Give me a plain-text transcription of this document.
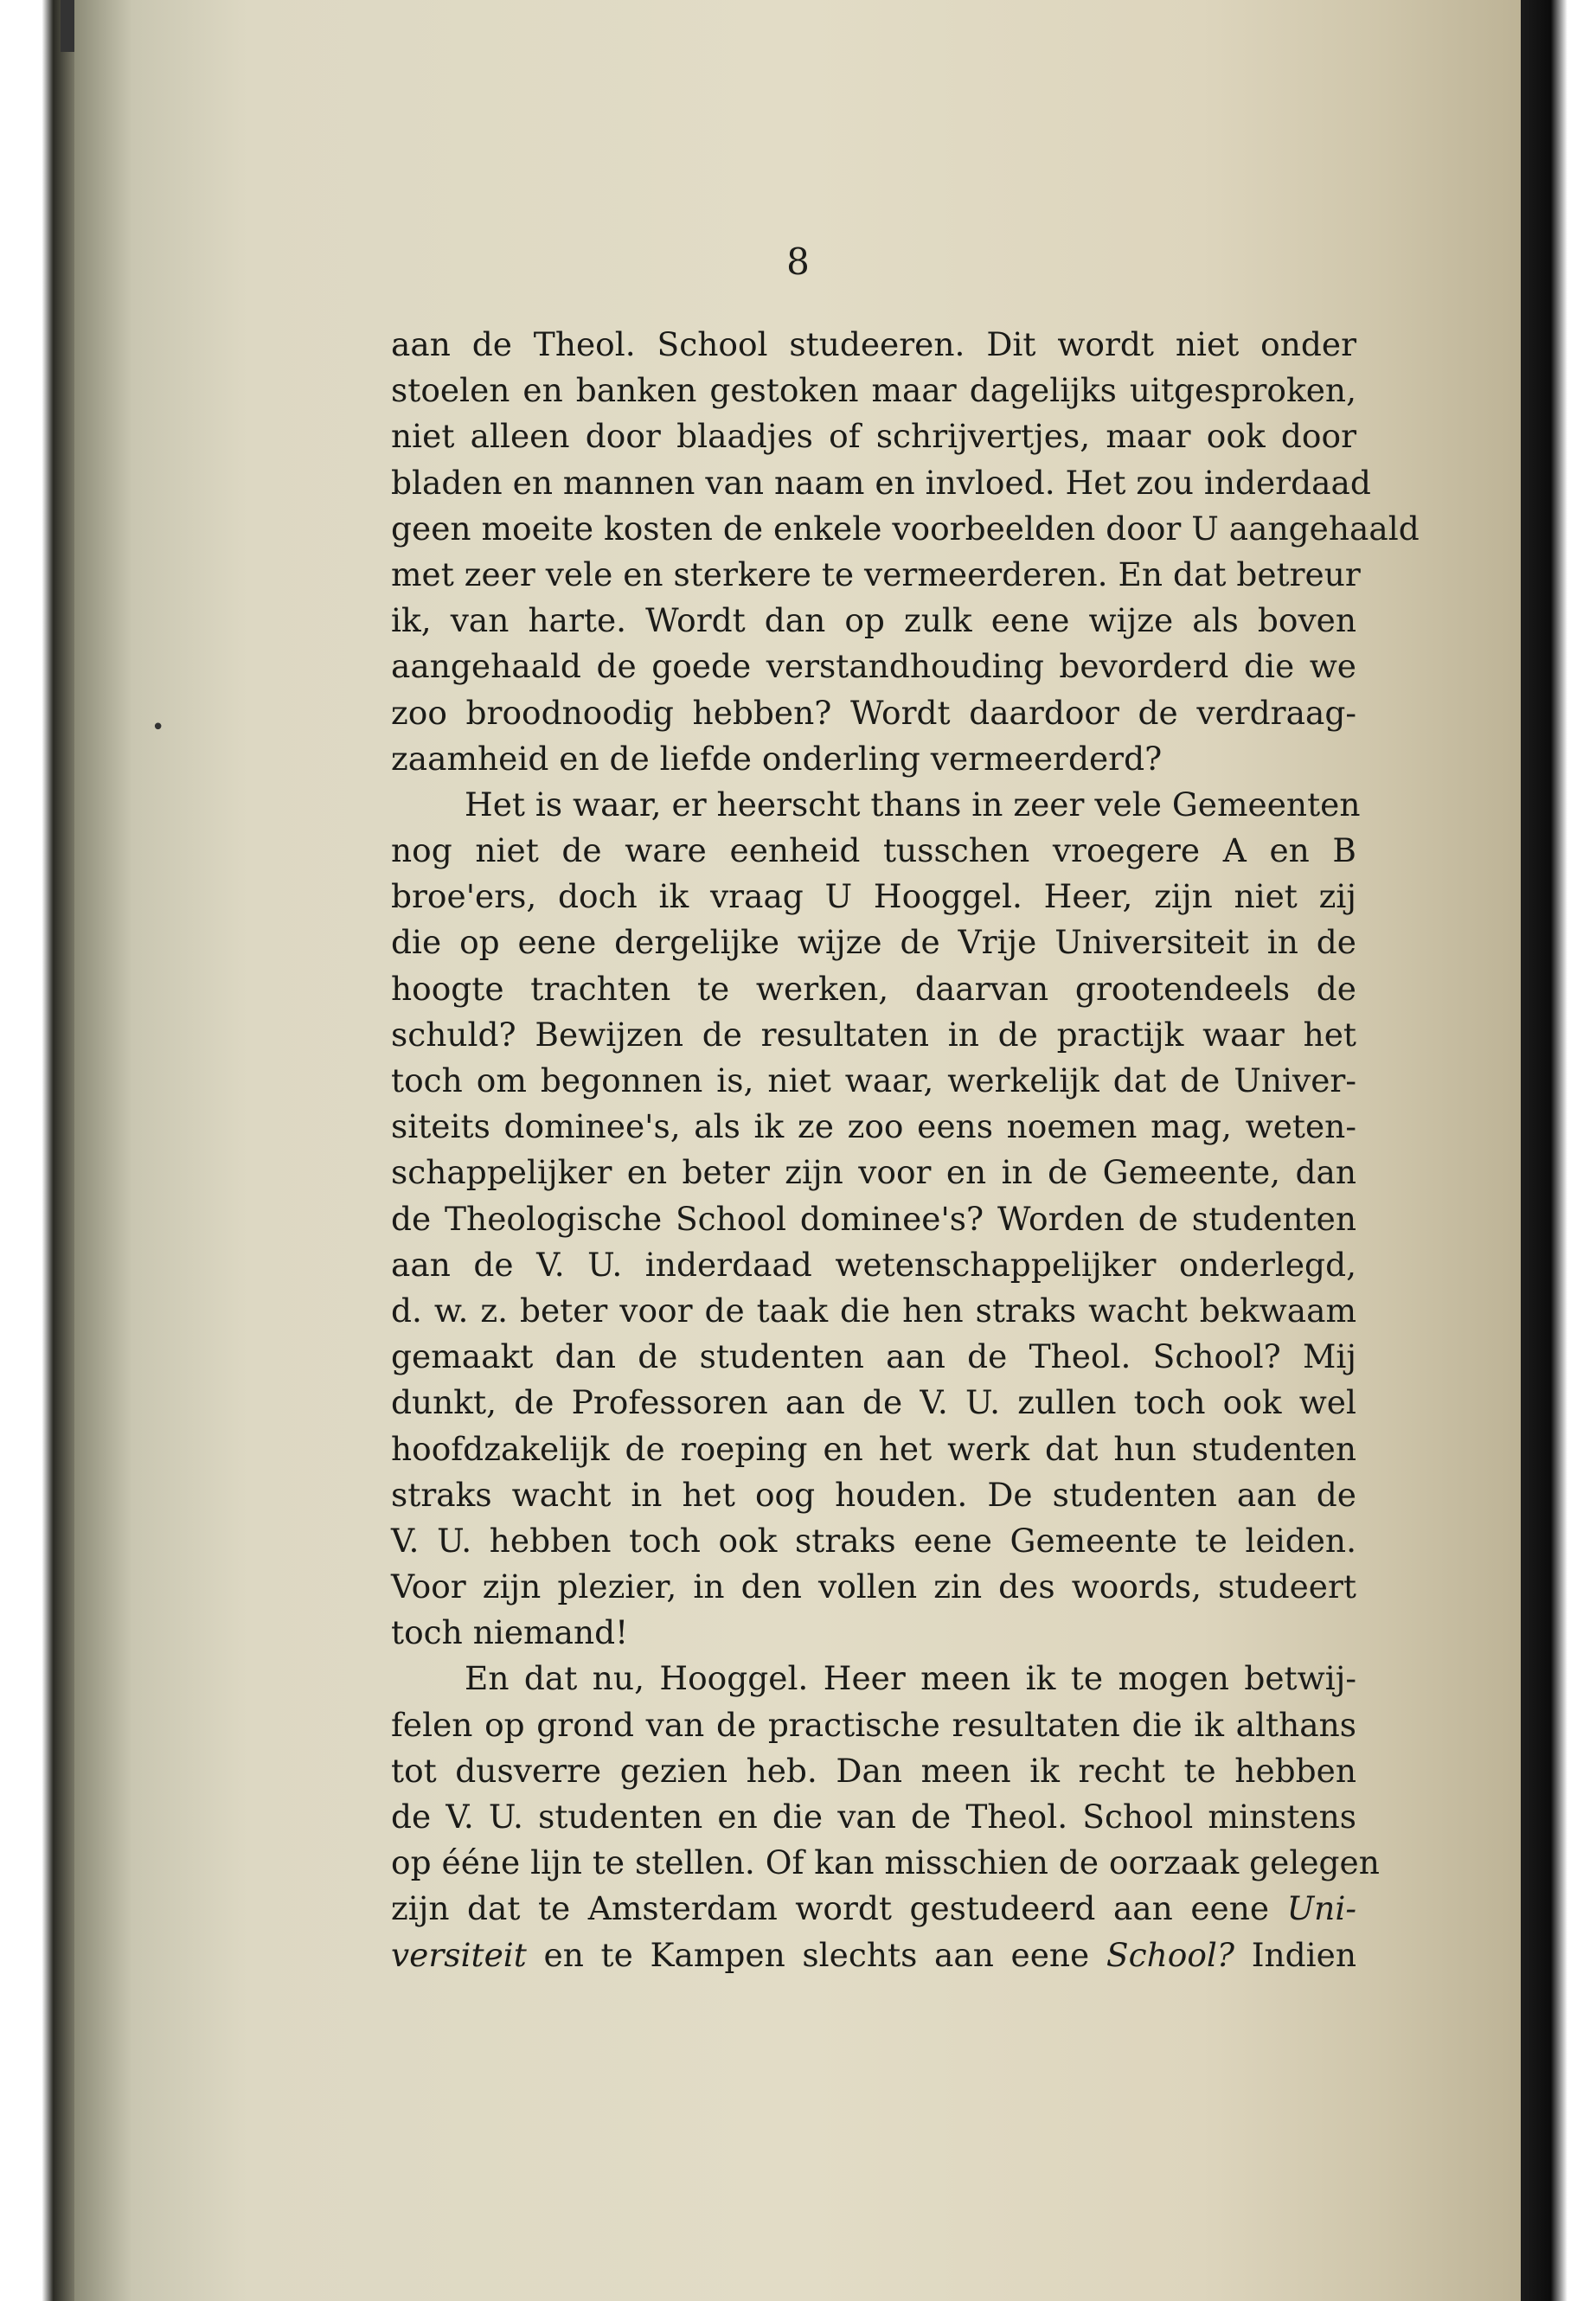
8
•
aan de Theol. School studeeren. Dit wordt niet onder
stoelen en banken gestoken maar dagelijks uitgesproken,
niet alleen door blaadjes of schrijvertjes, maar ook door
bladen en mannen van naam en invloed. Het zou inderdaad
geen moeite kosten de enkele voorbeelden door U aangehaald
met zeer vele en sterkere te vermeerderen. En dat betreur
ik, van harte. Wordt dan op zulk eene wijze als boven
aangehaald de goede verstandhouding bevorderd die we
zoo broodnoodig hebben? Wordt daardoor de verdraag-
zaamheid en de liefde onderling vermeerderd?
Het is waar, er heerscht thans in zeer vele Gemeenten
nog niet de ware eenheid tusschen vroegere A en B
broe'ers, doch ik vraag U Hooggel. Heer, zijn niet zij
die op eene dergelijke wijze de Vrije Universiteit in de
hoogte trachten te werken, daarvan grootendeels de
schuld? Bewijzen de resultaten in de practijk waar het
toch om begonnen is, niet waar, werkelijk dat de Univer-
siteits dominee's, als ik ze zoo eens noemen mag, weten-
schappelijker en beter zijn voor en in de Gemeente, dan
de Theologische School dominee's? Worden de studenten
aan de V. U. inderdaad wetenschappelijker onderlegd,
d. w. z. beter voor de taak die hen straks wacht bekwaam
gemaakt dan de studenten aan de Theol. School? Mij
dunkt, de Professoren aan de V. U. zullen toch ook wel
hoofdzakelijk de roeping en het werk dat hun studenten
straks wacht in het oog houden. De studenten aan de
V. U. hebben toch ook straks eene Gemeente te leiden.
Voor zijn plezier, in den vollen zin des woords, studeert
toch niemand!
En dat nu, Hooggel. Heer meen ik te mogen betwij-
felen op grond van de practische resultaten die ik althans
tot dusverre gezien heb. Dan meen ik recht te hebben
de V. U. studenten en die van de Theol. School minstens
op ééne lijn te stellen. Of kan misschien de oorzaak gelegen
zijn dat te Amsterdam wordt gestudeerd aan eene Uni-
versiteit en te Kampen slechts aan eene School? Indien
